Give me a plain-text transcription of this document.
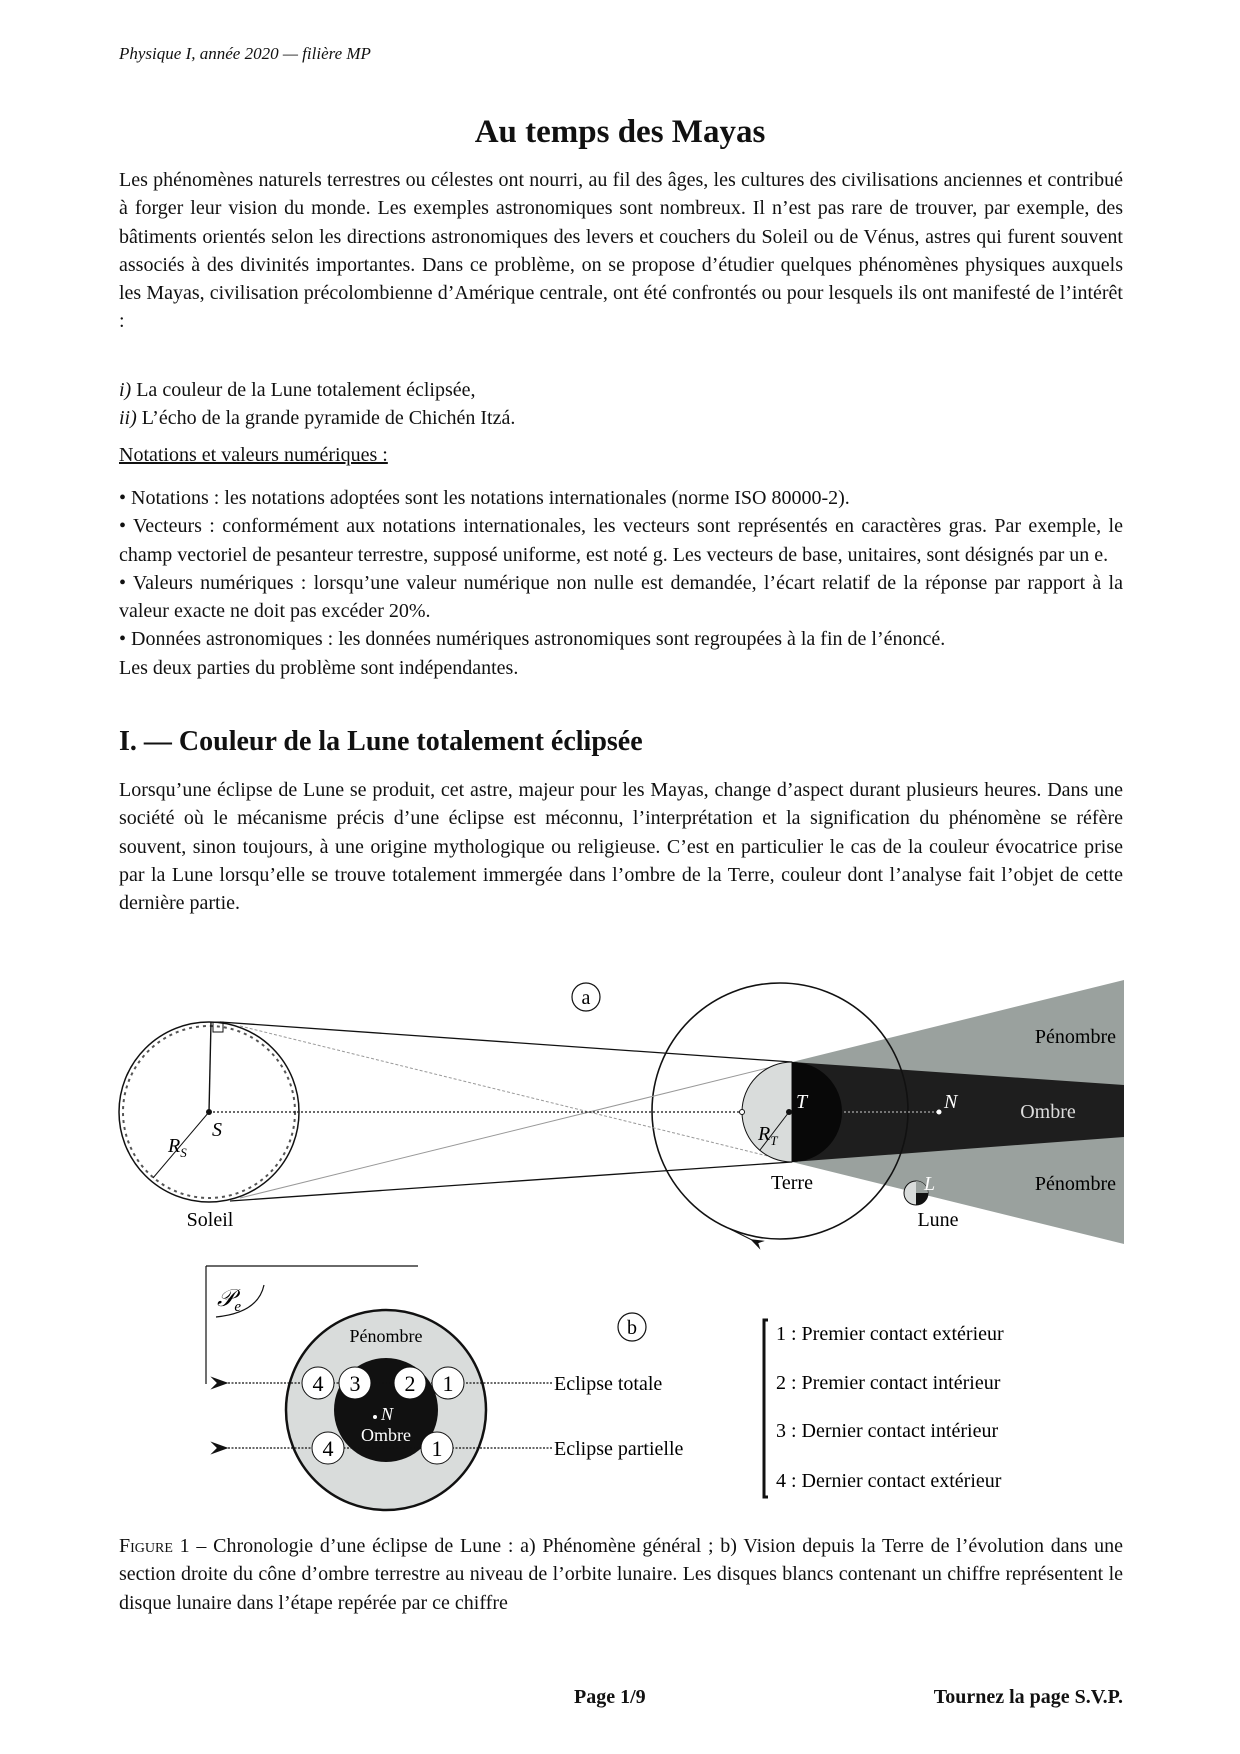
Physique I, année 2020 — filière MP
Au temps des Mayas

Les phénomènes naturels terrestres ou célestes ont nourri, au fil des âges, les cultures des civilisations anciennes et contribué à forger leur vision du monde. Les exemples astronomiques sont nombreux. Il n’est pas rare de trouver, par exemple, des bâtiments orientés selon les directions astronomiques des levers et couchers du Soleil ou de Vénus, astres qui furent souvent associés à des divinités importantes. Dans ce problème, on se propose d’étudier quelques phénomènes physiques auxquels les Mayas, civilisation précolombienne d’Amérique centrale, ont été confrontés ou pour lesquels ils ont manifesté de l’intérêt :

i) La couleur de la Lune totalement éclipsée,

ii) L’écho de la grande pyramide de Chichén Itzá.

Notations et valeurs numériques :

• Notations : les notations adoptées sont les notations internationales (norme ISO 80000-2).

• Vecteurs : conformément aux notations internationales, les vecteurs sont représentés en caractères gras. Par exemple, le champ vectoriel de pesanteur terrestre, supposé uniforme, est noté g. Les vecteurs de base, unitaires, sont désignés par un e.

• Valeurs numériques : lorsqu’une valeur numérique non nulle est demandée, l’écart relatif de la réponse par rapport à la valeur exacte ne doit pas excéder 20%.

• Données astronomiques : les données numériques astronomiques sont regroupées à la fin de l’énoncé.

Les deux parties du problème sont indépendantes.

I. — Couleur de la Lune totalement éclipsée

Lorsqu’une éclipse de Lune se produit, cet astre, majeur pour les Mayas, change d’aspect durant plusieurs heures. Dans une société où le mécanisme précis d’une éclipse est méconnu, l’interprétation et la signification du phénomène se réfère souvent, sinon toujours, à une origine mythologique ou religieuse. C’est en particulier le cas de la couleur évocatrice prise par la Lune lorsqu’elle se trouve totalement immergée dans l’ombre de la Terre, couleur dont l’analyse fait l’objet de cette dernière partie.

a
Soleil
S
$R_S$
T
$R_T$
N
Terre
Lune
L
Pénombre
Ombre
Pénombre
𝒫$_e$
b
Pénombre
N
Ombre
4 3 2 1
4	1
Eclipse totale
Eclipse partielle
1 : Premier contact extérieur
2 : Premier contact intérieur
3 : Dernier contact intérieur
4 : Dernier contact extérieur

Figure 1 – Chronologie d’une éclipse de Lune : a) Phénomène général ; b) Vision depuis la Terre de l’évolution dans une section droite du cône d’ombre terrestre au niveau de l’orbite lunaire. Les disques blancs contenant un chiffre représentent le disque lunaire dans l’étape repérée par ce chiffre

Page 1/9	Tournez la page S.V.P.
